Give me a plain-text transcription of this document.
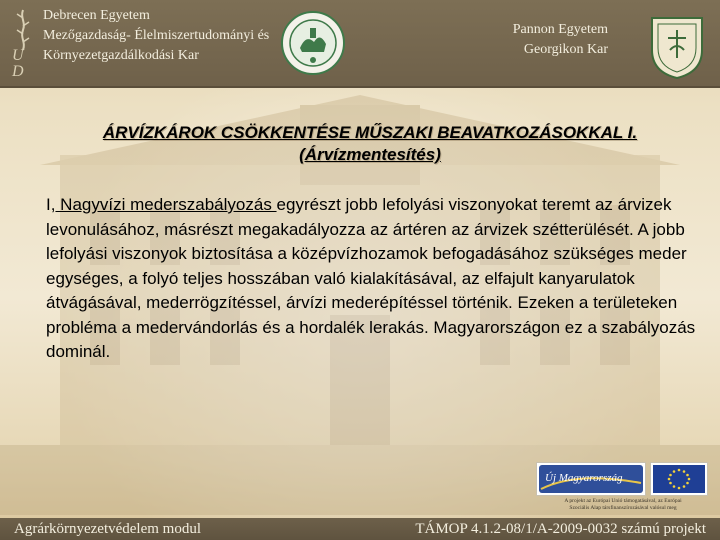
U
D
Debrecen Egyetem
Mezőgazdaság- Élelmiszertudományi és
Környezetgazdálkodási Kar
Pannon Egyetem
Georgikon Kar
ÁRVÍZKÁROK CSÖKKENTÉSE MŰSZAKI BEAVATKOZÁSOKKAL I.
(Árvízmentesítés)
I, Nagyvízi mederszabályozás egyrészt jobb lefolyási viszonyokat teremt az árvizek levonulásához, másrészt megakadályozza az ártéren az árvizek szétterülését. A jobb lefolyási viszonyok biztosítása a középvízhozamok befogadásához szükséges meder egységes, a folyó teljes hosszában való kialakításával, az elfajult kanyarulatok átvágásával, mederrögzítéssel, árvízi mederépítéssel történik. Ezeken a területeken probléma a medervándorlás és a hordalék lerakás. Magyarországon ez a szabályozás dominál.
Új Magyarország
A projekt az Európai Unió támogatásával, az Európai
Szociális Alap társfinanszírozásával valósul meg
Agrárkörnyezetvédelem modul	TÁMOP 4.1.2-08/1/A-2009-0032 számú projekt
